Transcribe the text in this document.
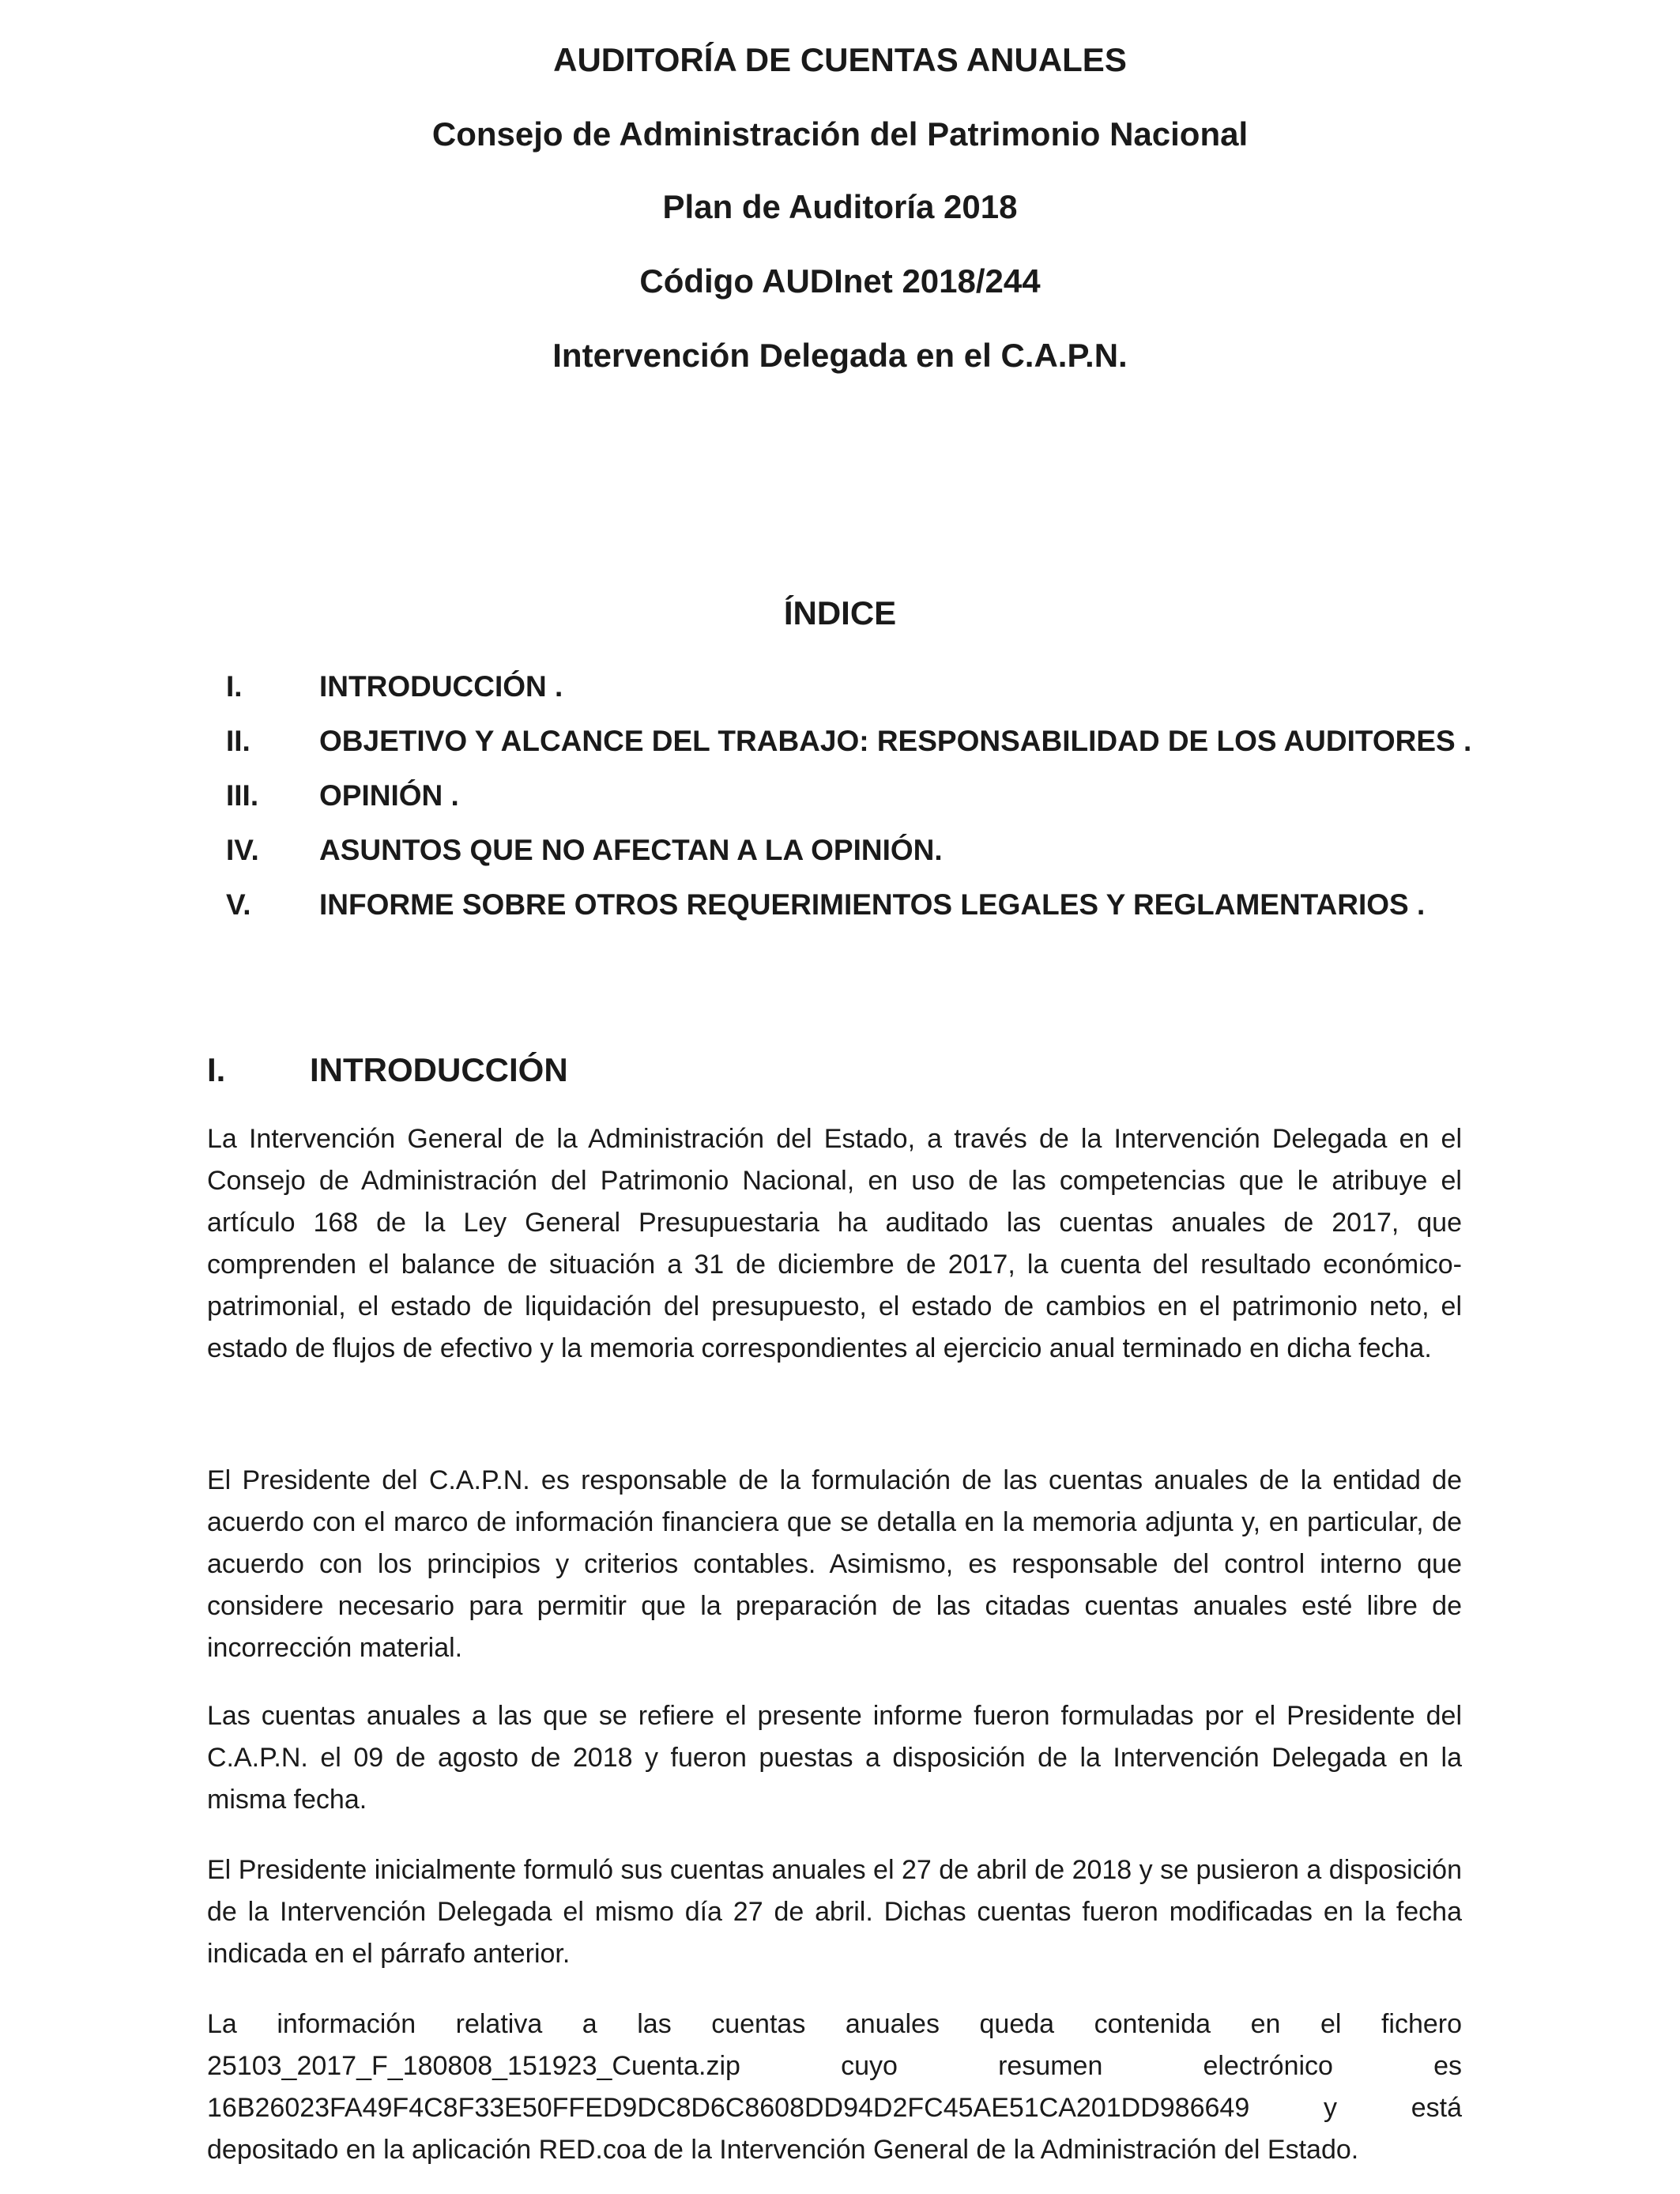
AUDITORÍA DE CUENTAS ANUALES
Consejo de Administración del Patrimonio Nacional
Plan de Auditoría 2018
Código AUDInet 2018/244
Intervención Delegada en el C.A.P.N.
ÍNDICE
I.	INTRODUCCIÓN .
II. OBJETIVO Y ALCANCE DEL TRABAJO: RESPONSABILIDAD DE LOS AUDITORES .
III. OPINIÓN .
IV. ASUNTOS QUE NO AFECTAN A LA OPINIÓN.
V. INFORME SOBRE OTROS REQUERIMIENTOS LEGALES Y REGLAMENTARIOS .
I.	INTRODUCCIÓN

La Intervención General de la Administración del Estado, a través de la Intervención Delegada en el Consejo de Administración del Patrimonio Nacional, en uso de las competencias que le atribuye el artículo 168 de la Ley General Presupuestaria ha auditado las cuentas anuales de 2017, que comprenden el balance de situación a 31 de diciembre de 2017, la cuenta del resultado económico-patrimonial, el estado de liquidación del presupuesto, el estado de cambios en el patrimonio neto, el estado de flujos de efectivo y la memoria correspondientes al ejercicio anual terminado en dicha fecha.

El Presidente del C.A.P.N. es responsable de la formulación de las cuentas anuales de la entidad de acuerdo con el marco de información financiera que se detalla en la memoria adjunta y, en particular, de acuerdo con los principios y criterios contables. Asimismo, es responsable del control interno que considere necesario para permitir que la preparación de las citadas cuentas anuales esté libre de incorrección material.

Las cuentas anuales a las que se refiere el presente informe fueron formuladas por el Presidente del C.A.P.N. el 09 de agosto de 2018 y fueron puestas a disposición de la Intervención Delegada en la misma fecha.

El Presidente inicialmente formuló sus cuentas anuales el 27 de abril de 2018 y se pusieron a disposición de la Intervención Delegada el mismo día 27 de abril. Dichas cuentas fueron modificadas en la fecha indicada en el párrafo anterior.

La información relativa a las cuentas anuales queda contenida en el fichero 25103_2017_F_180808_151923_Cuenta.zip cuyo resumen electrónico es 16B26023FA49F4C8F33E50FFED9DC8D6C8608DD94D2FC45AE51CA201DD986649 y está depositado en la aplicación RED.coa de la Intervención General de la Administración del Estado.
